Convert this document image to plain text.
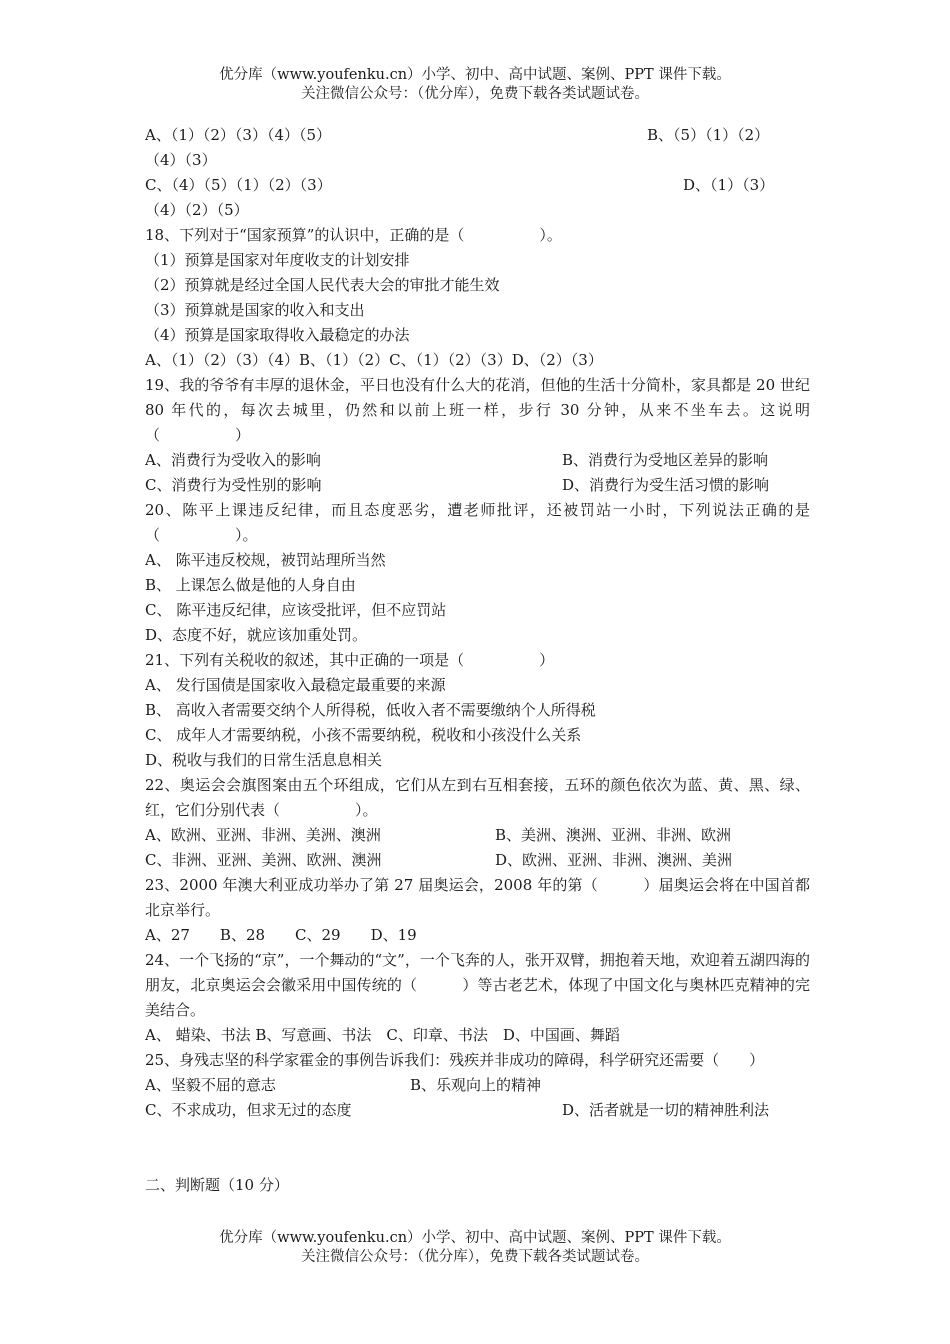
优分库（www.youfenku.cn）小学、初中、高中试题、案例、PPT 课件下载。
关注微信公众号：（优分库），免费下载各类试题试卷。
A、（1）（2）（3）（4）（5）	B、（5）（1）（2）
（4）（3）
C、（4）（5）（1）（2）（3）	D、（1）（3）
（4）（2）（5）
18、下列对于“国家预算”的认识中，正确的是（　　　　　）。
（1）预算是国家对年度收支的计划安排
（2）预算就是经过全国人民代表大会的审批才能生效
（3）预算就是国家的收入和支出
（4）预算是国家取得收入最稳定的办法
A、（1）（2）（3）（4）B、（1）（2）C、（1）（2）（3）D、（2）（3）
19、我的爷爷有丰厚的退休金，平日也没有什么大的花消，但他的生活十分简朴，家具都是 20 世纪 80 年代的，每次去城里，仍然和以前上班一样，步行 30 分钟，从来不坐车去。这说明（　　　　　）
A、消费行为受收入的影响	B、消费行为受地区差异的影响
C、消费行为受性别的影响	D、消费行为受生活习惯的影响
20、陈平上课违反纪律，而且态度恶劣，遭老师批评，还被罚站一小时，下列说法正确的是（　　　　　）。
A、 陈平违反校规，被罚站理所当然
B、 上课怎么做是他的人身自由
C、 陈平违反纪律，应该受批评，但不应罚站
D、态度不好，就应该加重处罚。
21、下列有关税收的叙述，其中正确的一项是（　　　　　）
A、 发行国债是国家收入最稳定最重要的来源
B、 高收入者需要交纳个人所得税，低收入者不需要缴纳个人所得税
C、 成年人才需要纳税，小孩不需要纳税，税收和小孩没什么关系
D、税收与我们的日常生活息息相关
22、奥运会会旗图案由五个环组成，它们从左到右互相套接，五环的颜色依次为蓝、黄、黑、绿、红，它们分别代表（　　　　　）。
A、欧洲、亚洲、非洲、美洲、澳洲	B、美洲、澳洲、亚洲、非洲、欧洲
C、非洲、亚洲、美洲、欧洲、澳洲	D、欧洲、亚洲、非洲、澳洲、美洲
23、2000 年澳大利亚成功举办了第 27 届奥运会，2008 年的第（　　　）届奥运会将在中国首都北京举行。
A、27　　B、28　　C、29　　D、19
24、一个飞扬的“京”，一个舞动的“文”，一个飞奔的人，张开双臂，拥抱着天地，欢迎着五湖四海的朋友，北京奥运会会徽采用中国传统的（　　　）等古老艺术，体现了中国文化与奥林匹克精神的完美结合。
A、 蜡染、书法 B、写意画、书法　C、印章、书法　D、中国画、舞蹈
25、身残志坚的科学家霍金的事例告诉我们：残疾并非成功的障碍，科学研究还需要（　　）
A、坚毅不屈的意志	B、乐观向上的精神
C、不求成功，但求无过的态度	D、活者就是一切的精神胜利法
二、判断题（10 分）
优分库（www.youfenku.cn）小学、初中、高中试题、案例、PPT 课件下载。
关注微信公众号：（优分库），免费下载各类试题试卷。
